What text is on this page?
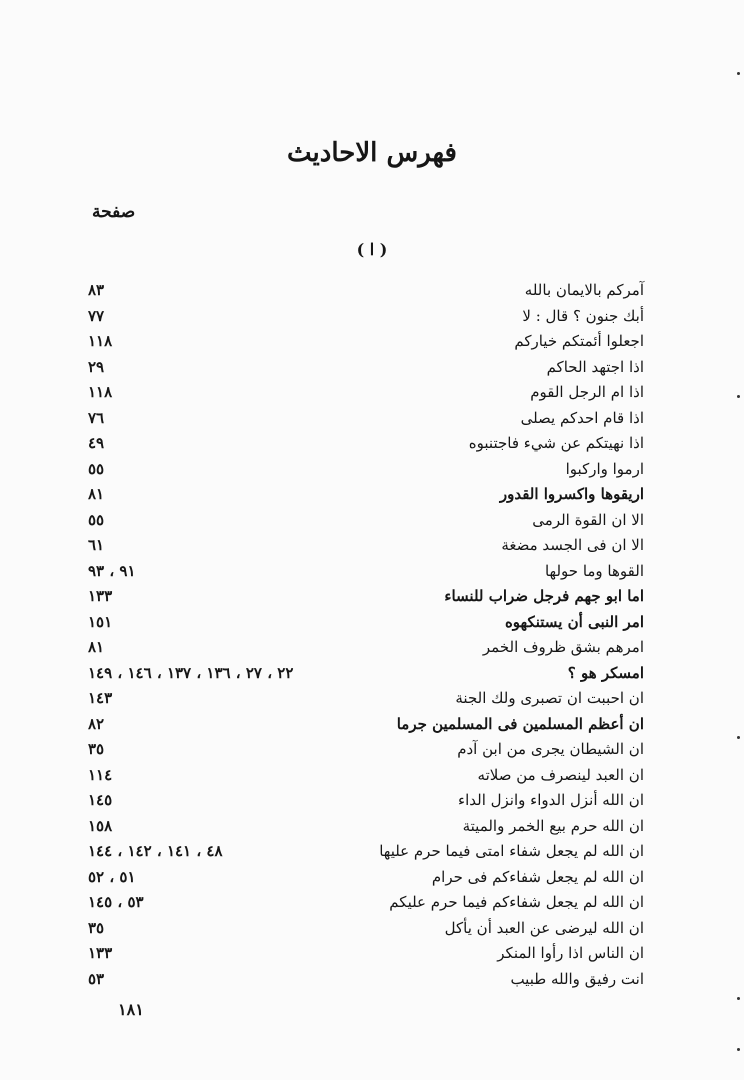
فهرس الاحاديث
صفحة
( ا )
آمركم بالايمان بالله
٨٣
أبك جنون ؟ قال : لا
٧٧
اجعلوا أئمتكم خياركم
١١٨
اذا اجتهد الحاكم
٢٩
اذا ام الرجل القوم
١١٨
اذا قام احدكم يصلى
٧٦
اذا نهيتكم عن شيء فاجتنبوه
٤٩
ارموا واركبوا
٥٥
اريقوها واكسروا القدور
٨١
الا ان القوة الرمى
٥٥
الا ان فى الجسد مضغة
٦١
القوها وما حولها
٩١ ، ٩٣
اما ابو جهم فرجل ضراب للنساء
١٣٣
امر النبى أن يستنكهوه
١٥١
امرهم بشق ظروف الخمر
٨١
امسكر هو ؟
٢٢ ، ٢٧ ، ١٣٦ ، ١٣٧ ، ١٤٦ ، ١٤٩
ان احببت ان تصبرى ولك الجنة
١٤٣
ان أعظم المسلمين فى المسلمين جرما
٨٢
ان الشيطان يجرى من ابن آدم
٣٥
ان العبد لينصرف من صلاته
١١٤
ان الله أنزل الدواء وانزل الداء
١٤٥
ان الله حرم بيع الخمر والميتة
١٥٨
ان الله لم يجعل شفاء امتى فيما حرم عليها
٤٨ ، ١٤١ ، ١٤٢ ، ١٤٤
ان الله لم يجعل شفاءكم فى حرام
٥١ ، ٥٢
ان الله لم يجعل شفاءكم فيما حرم عليكم
٥٣ ، ١٤٥
ان الله ليرضى عن العبد أن يأكل
٣٥
ان الناس اذا رأوا المنكر
١٣٣
انت رفيق والله طبيب
٥٣
١٨١
